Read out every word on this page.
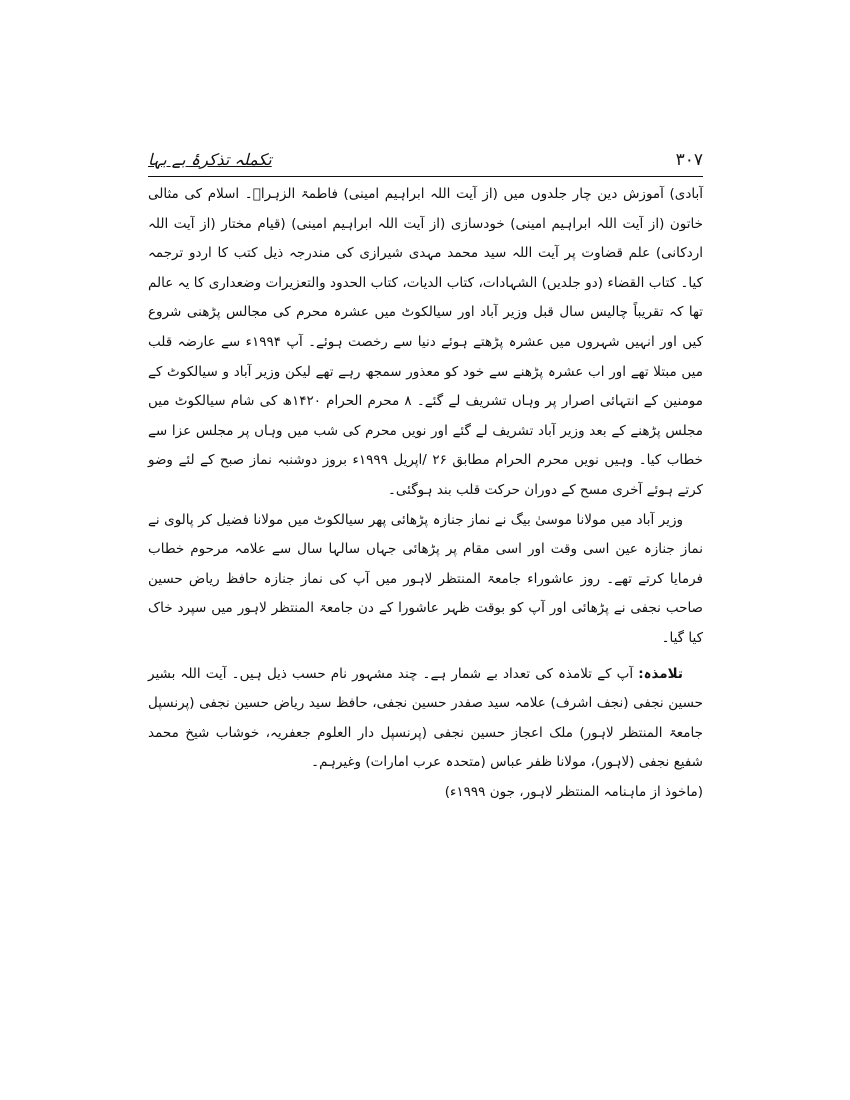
۳۰۷
تکملہ تذکرۂ بے بہا

آبادی) آموزش دین چار جلدوں میں (از آیت اللہ ابراہیم امینی) فاطمۃ الزہراؑ۔ اسلام کی مثالی خاتون (از آیت اللہ ابراہیم امینی) خودسازی (از آیت اللہ ابراہیم امینی) (قیام مختار (از آیت اللہ اردکانی) علم قضاوت پر آیت اللہ سید محمد مہدی شیرازی کی مندرجہ ذیل کتب کا اردو ترجمہ کیا۔ کتاب القضاء (دو جلدیں) الشہادات، کتاب الدیات، کتاب الحدود والتعزیرات وضعداری کا یہ عالم تھا کہ تقریباً چالیس سال قبل وزیر آباد اور سیالکوٹ میں عشرہ محرم کی مجالس پڑھنی شروع کیں اور انہیں شہروں میں عشرہ پڑھتے ہوئے دنیا سے رخصت ہوئے۔ آپ ۱۹۹۴ء سے عارضہ قلب میں مبتلا تھے اور اب عشرہ پڑھنے سے خود کو معذور سمجھ رہے تھے لیکن وزیر آباد و سیالکوٹ کے مومنین کے انتہائی اصرار پر وہاں تشریف لے گئے۔ ۸ محرم الحرام ۱۴۲۰ھ کی شام سیالکوٹ میں مجلس پڑھنے کے بعد وزیر آباد تشریف لے گئے اور نویں محرم کی شب میں وہاں پر مجلس عزا سے خطاب کیا۔ وہیں نویں محرم الحرام مطابق ۲۶ /اپریل ۱۹۹۹ء بروز دوشنبہ نماز صبح کے لئے وضو کرتے ہوئے آخری مسح کے دوران حرکت قلب بند ہوگئی۔

وزیر آباد میں مولانا موسیٰ بیگ نے نماز جنازہ پڑھائی پھر سیالکوٹ میں مولانا فضیل کر پالوی نے نماز جنازہ عین اسی وقت اور اسی مقام پر پڑھائی جہاں سالہا سال سے علامہ مرحوم خطاب فرمایا کرتے تھے۔ روز عاشوراء جامعۃ المنتظر لاہور میں آپ کی نماز جنازہ حافظ ریاض حسین صاحب نجفی نے پڑھائی اور آپ کو بوقت ظہر عاشورا کے دن جامعۃ المنتظر لاہور میں سپرد خاک کیا گیا۔

تلامذہ: آپ کے تلامذہ کی تعداد بے شمار ہے۔ چند مشہور نام حسب ذیل ہیں۔ آیت اللہ بشیر حسین نجفی (نجف اشرف) علامہ سید صفدر حسین نجفی، حافظ سید ریاض حسین نجفی (پرنسپل جامعۃ المنتظر لاہور) ملک اعجاز حسین نجفی (پرنسپل دار العلوم جعفریہ، خوشاب شیخ محمد شفیع نجفی (لاہور)، مولانا ظفر عباس (متحدہ عرب امارات) وغیرہم۔

(ماخوذ از ماہنامہ المنتظر لاہور، جون ۱۹۹۹ء)
